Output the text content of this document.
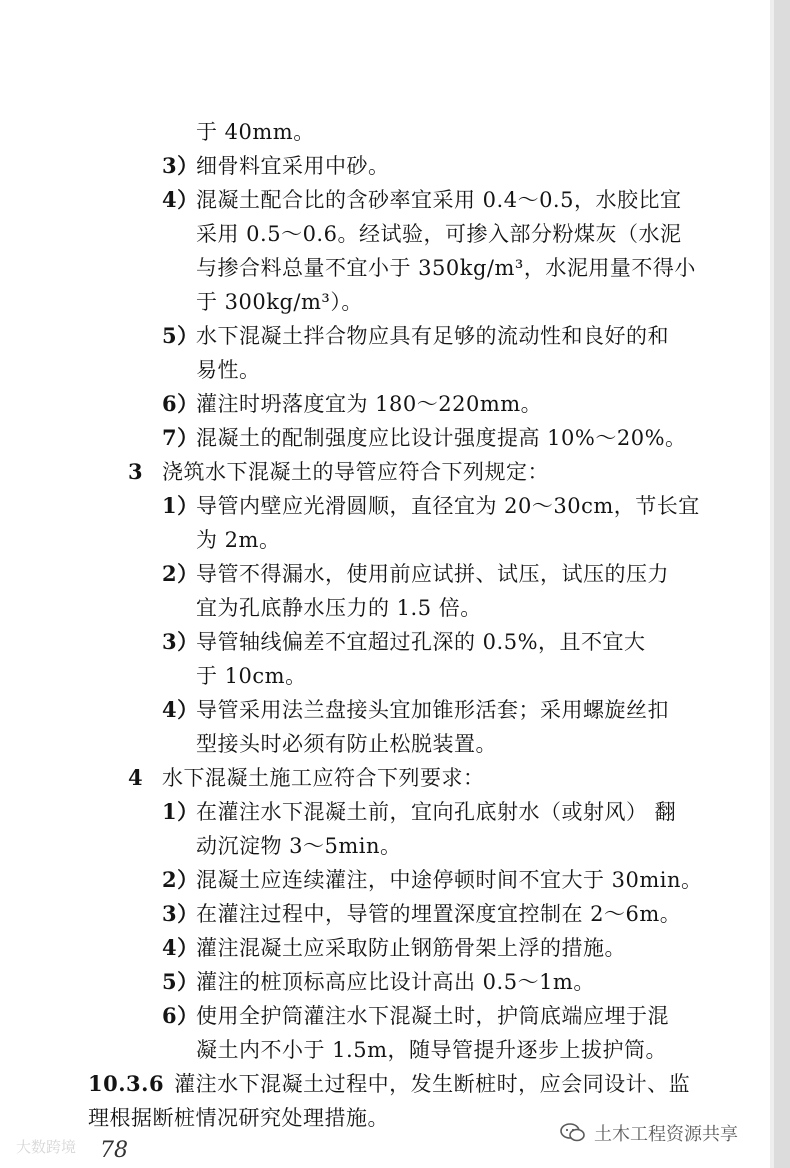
于 40mm。
3）细骨料宜采用中砂。
4）混凝土配合比的含砂率宜采用 0.4～0.5，水胶比宜
采用 0.5～0.6。经试验，可掺入部分粉煤灰（水泥
与掺合料总量不宜小于 350kg/m³，水泥用量不得小
于 300kg/m³）。
5）水下混凝土拌合物应具有足够的流动性和良好的和
易性。
6）灌注时坍落度宜为 180～220mm。
7）混凝土的配制强度应比设计强度提高 10%～20%。
3 浇筑水下混凝土的导管应符合下列规定：
1）导管内壁应光滑圆顺，直径宜为 20～30cm，节长宜
为 2m。
2）导管不得漏水，使用前应试拼、试压，试压的压力
宜为孔底静水压力的 1.5 倍。
3）导管轴线偏差不宜超过孔深的 0.5%，且不宜大
于 10cm。
4）导管采用法兰盘接头宜加锥形活套；采用螺旋丝扣
型接头时必须有防止松脱装置。
4 水下混凝土施工应符合下列要求：
1）在灌注水下混凝土前，宜向孔底射水（或射风） 翻
动沉淀物 3～5min。
2）混凝土应连续灌注，中途停顿时间不宜大于 30min。
3）在灌注过程中，导管的埋置深度宜控制在 2～6m。
4）灌注混凝土应采取防止钢筋骨架上浮的措施。
5）灌注的桩顶标高应比设计高出 0.5～1m。
6）使用全护筒灌注水下混凝土时，护筒底端应埋于混
凝土内不小于 1.5m，随导管提升逐步上拔护筒。
10.3.6 灌注水下混凝土过程中，发生断桩时，应会同设计、监
理根据断桩情况研究处理措施。
大数跨境
土木工程资源共享
78
